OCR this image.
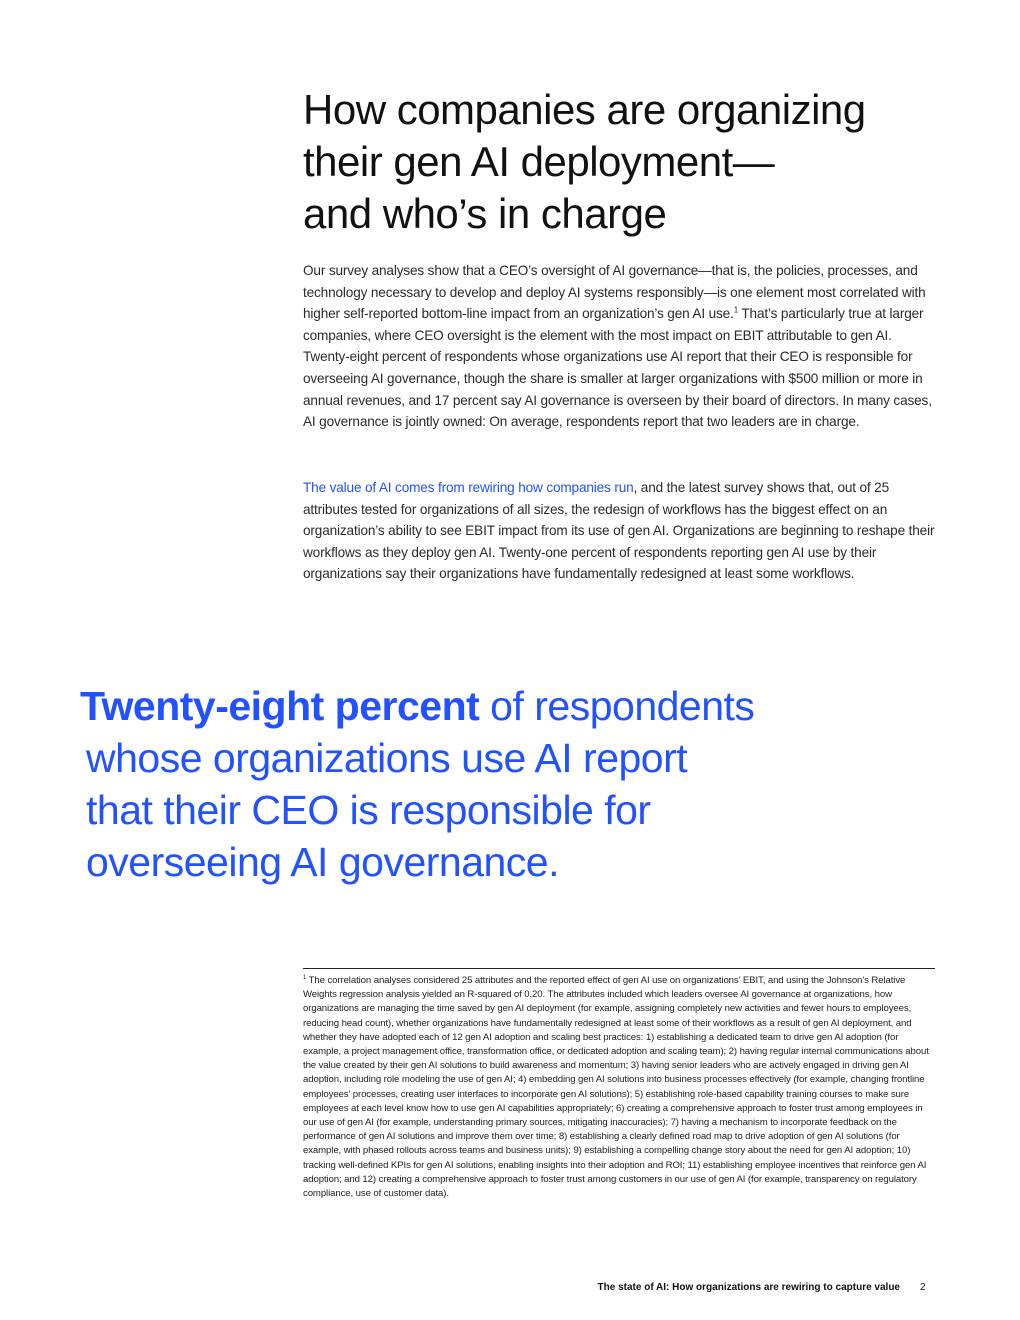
How companies are organizing
their gen AI deployment—
and who’s in charge

Our survey analyses show that a CEO’s oversight of AI governance—that is, the policies, processes, and technology necessary to develop and deploy AI systems responsibly—is one element most correlated with higher self-reported bottom-line impact from an organization’s gen AI use.$^1$ That’s particularly true at larger companies, where CEO oversight is the element with the most impact on EBIT attributable to gen AI. Twenty-eight percent of respondents whose organizations use AI report that their CEO is responsible for overseeing AI governance, though the share is smaller at larger organizations with $500 million or more in annual revenues, and 17 percent say AI governance is overseen by their board of directors. In many cases, AI governance is jointly owned: On average, respondents report that two leaders are in charge.

The value of AI comes from rewiring how companies run, and the latest survey shows that, out of 25 attributes tested for organizations of all sizes, the redesign of workflows has the biggest effect on an organization’s ability to see EBIT impact from its use of gen AI. Organizations are beginning to reshape their workflows as they deploy gen AI. Twenty-one percent of respondents reporting gen AI use by their organizations say their organizations have fundamentally redesigned at least some workflows.

Twenty-eight percent of respondents
whose organizations use AI report
that their CEO is responsible for
overseeing AI governance.

$^1$ The correlation analyses considered 25 attributes and the reported effect of gen AI use on organizations’ EBIT, and using the Johnson’s Relative Weights regression analysis yielded an R-squared of 0.20. The attributes included which leaders oversee AI governance at organizations, how organizations are managing the time saved by gen AI deployment (for example, assigning completely new activities and fewer hours to employees, reducing head count), whether organizations have fundamentally redesigned at least some of their workflows as a result of gen AI deployment, and whether they have adopted each of 12 gen AI adoption and scaling best practices: 1) establishing a dedicated team to drive gen AI adoption (for example, a project management office, transformation office, or dedicated adoption and scaling team); 2) having regular internal communications about the value created by their gen AI solutions to build awareness and momentum; 3) having senior leaders who are actively engaged in driving gen AI adoption, including role modeling the use of gen AI; 4) embedding gen AI solutions into business processes effectively (for example, changing frontline employees’ processes, creating user interfaces to incorporate gen AI solutions); 5) establishing role-based capability training courses to make sure employees at each level know how to use gen AI capabilities appropriately; 6) creating a comprehensive approach to foster trust among employees in our use of gen AI (for example, understanding primary sources, mitigating inaccuracies); 7) having a mechanism to incorporate feedback on the performance of gen AI solutions and improve them over time; 8) establishing a clearly defined road map to drive adoption of gen AI solutions (for example, with phased rollouts across teams and business units); 9) establishing a compelling change story about the need for gen AI adoption; 10) tracking well-defined KPIs for gen AI solutions, enabling insights into their adoption and ROI; 11) establishing employee incentives that reinforce gen AI adoption; and 12) creating a comprehensive approach to foster trust among customers in our use of gen AI (for example, transparency on regulatory compliance, use of customer data).

The state of AI: How organizations are rewiring to capture value 2
